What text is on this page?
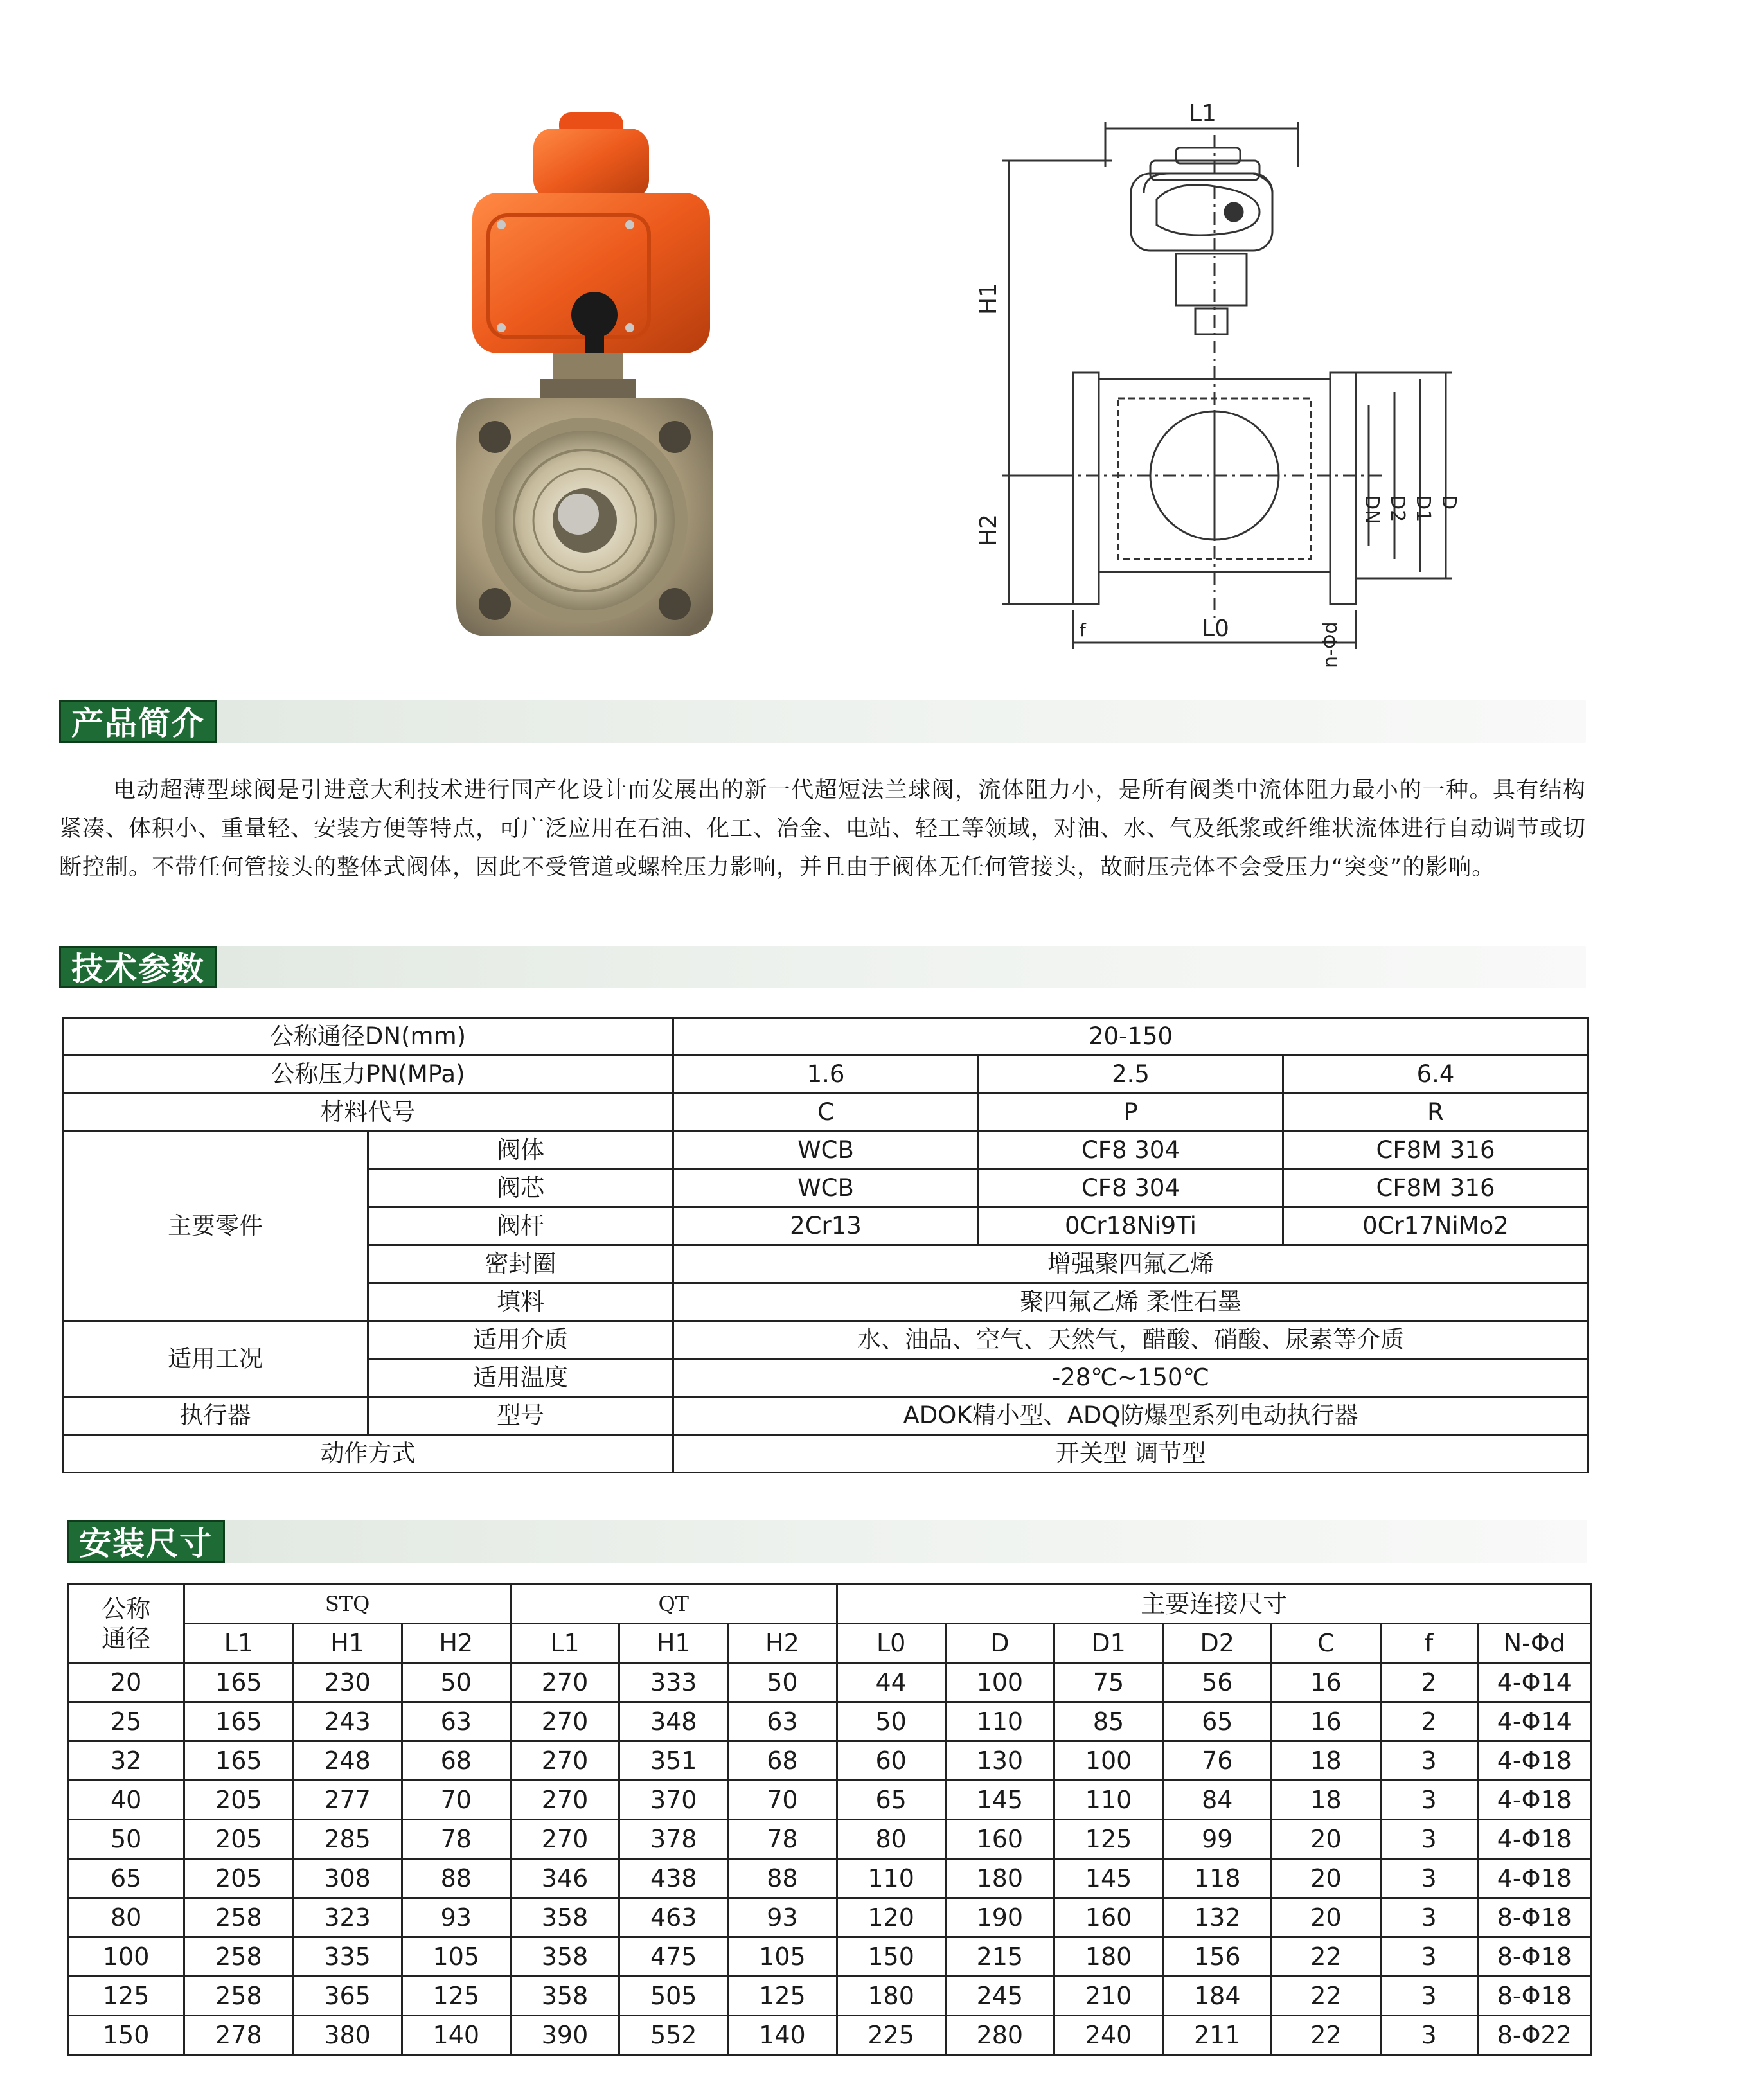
L1
H1
H2
L0
f
DN D2 D1 D
n-Φd
产品简介

电动超薄型球阀是引进意大利技术进行国产化设计而发展出的新一代超短法兰球阀，流体阻力小，是所有阀类中流体阻力最小的一种。具有结构紧凑、体积小、重量轻、安装方便等特点，可广泛应用在石油、化工、冶金、电站、轻工等领域，对油、水、气及纸浆或纤维状流体进行自动调节或切断控制。不带任何管接头的整体式阀体，因此不受管道或螺栓压力影响，并且由于阀体无任何管接头，故耐压壳体不会受压力“突变”的影响。

技术参数
公称通径DN(mm)		20-150		
公称压力PN(MPa)		1.6	2.5	6.4
材料代号		C	P	R
主要零件	阀体	WCB	CF8 304	CF8M 316
	阀芯	WCB	CF8 304	CF8M 316
	阀杆	2Cr13	0Cr18Ni9Ti	0Cr17NiMo2
	密封圈	增强聚四氟乙烯		
	填料	聚四氟乙烯 柔性石墨		
适用工况	适用介质	水、油品、空气、天然气，醋酸、硝酸、尿素等介质		
	适用温度	-28℃~150℃		
执行器	型号	ADOK精小型、ADQ防爆型系列电动执行器		
动作方式		开关型 调节型		
安装尺寸
公称
通径	STQ			QT			主要连接尺寸						
	L1	H1	H2	L1	H1	H2	L0	D	D1	D2	C	f	N-Φd
20	165	230	50	270	333	50	44	100	75	56	16	2	4-Φ14
25	165	243	63	270	348	63	50	110	85	65	16	2	4-Φ14
32	165	248	68	270	351	68	60	130	100	76	18	3	4-Φ18
40	205	277	70	270	370	70	65	145	110	84	18	3	4-Φ18
50	205	285	78	270	378	78	80	160	125	99	20	3	4-Φ18
65	205	308	88	346	438	88	110	180	145	118	20	3	4-Φ18
80	258	323	93	358	463	93	120	190	160	132	20	3	8-Φ18
100	258	335	105	358	475	105	150	215	180	156	22	3	8-Φ18
125	258	365	125	358	505	125	180	245	210	184	22	3	8-Φ18
150	278	380	140	390	552	140	225	280	240	211	22	3	8-Φ22
